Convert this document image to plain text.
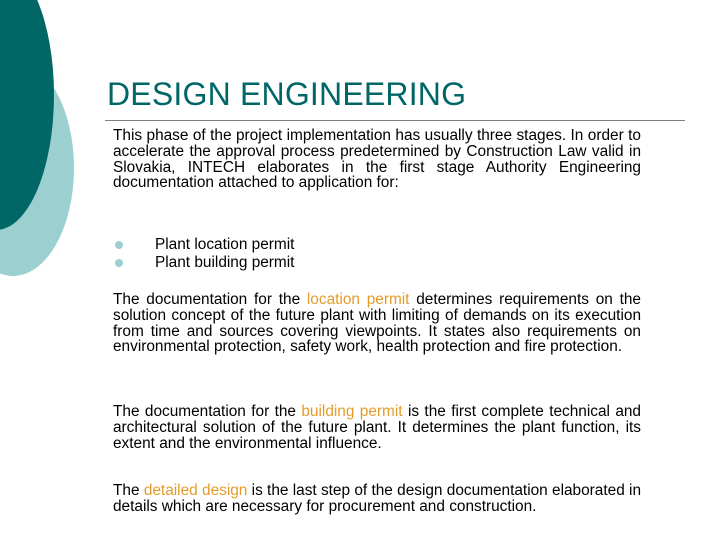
DESIGN ENGINEERING

This phase of the project implementation has usually three stages. In order to accelerate the approval process predetermined by Construction Law valid in Slovakia, INTECH elaborates in the first stage Authority Engineering documentation attached to application for:

Plant location permit
Plant building permit

The documentation for the location permit determines requirements on the solution concept of the future plant with limiting of demands on its execution from time and sources covering viewpoints. It states also requirements on environmental protection, safety work, health protection and fire protection.

The documentation for the building permit is the first complete technical and architectural solution of the future plant. It determines the plant function, its extent and the environmental influence.

The detailed design is the last step of the design documentation elaborated in details which are necessary for procurement and construction.
